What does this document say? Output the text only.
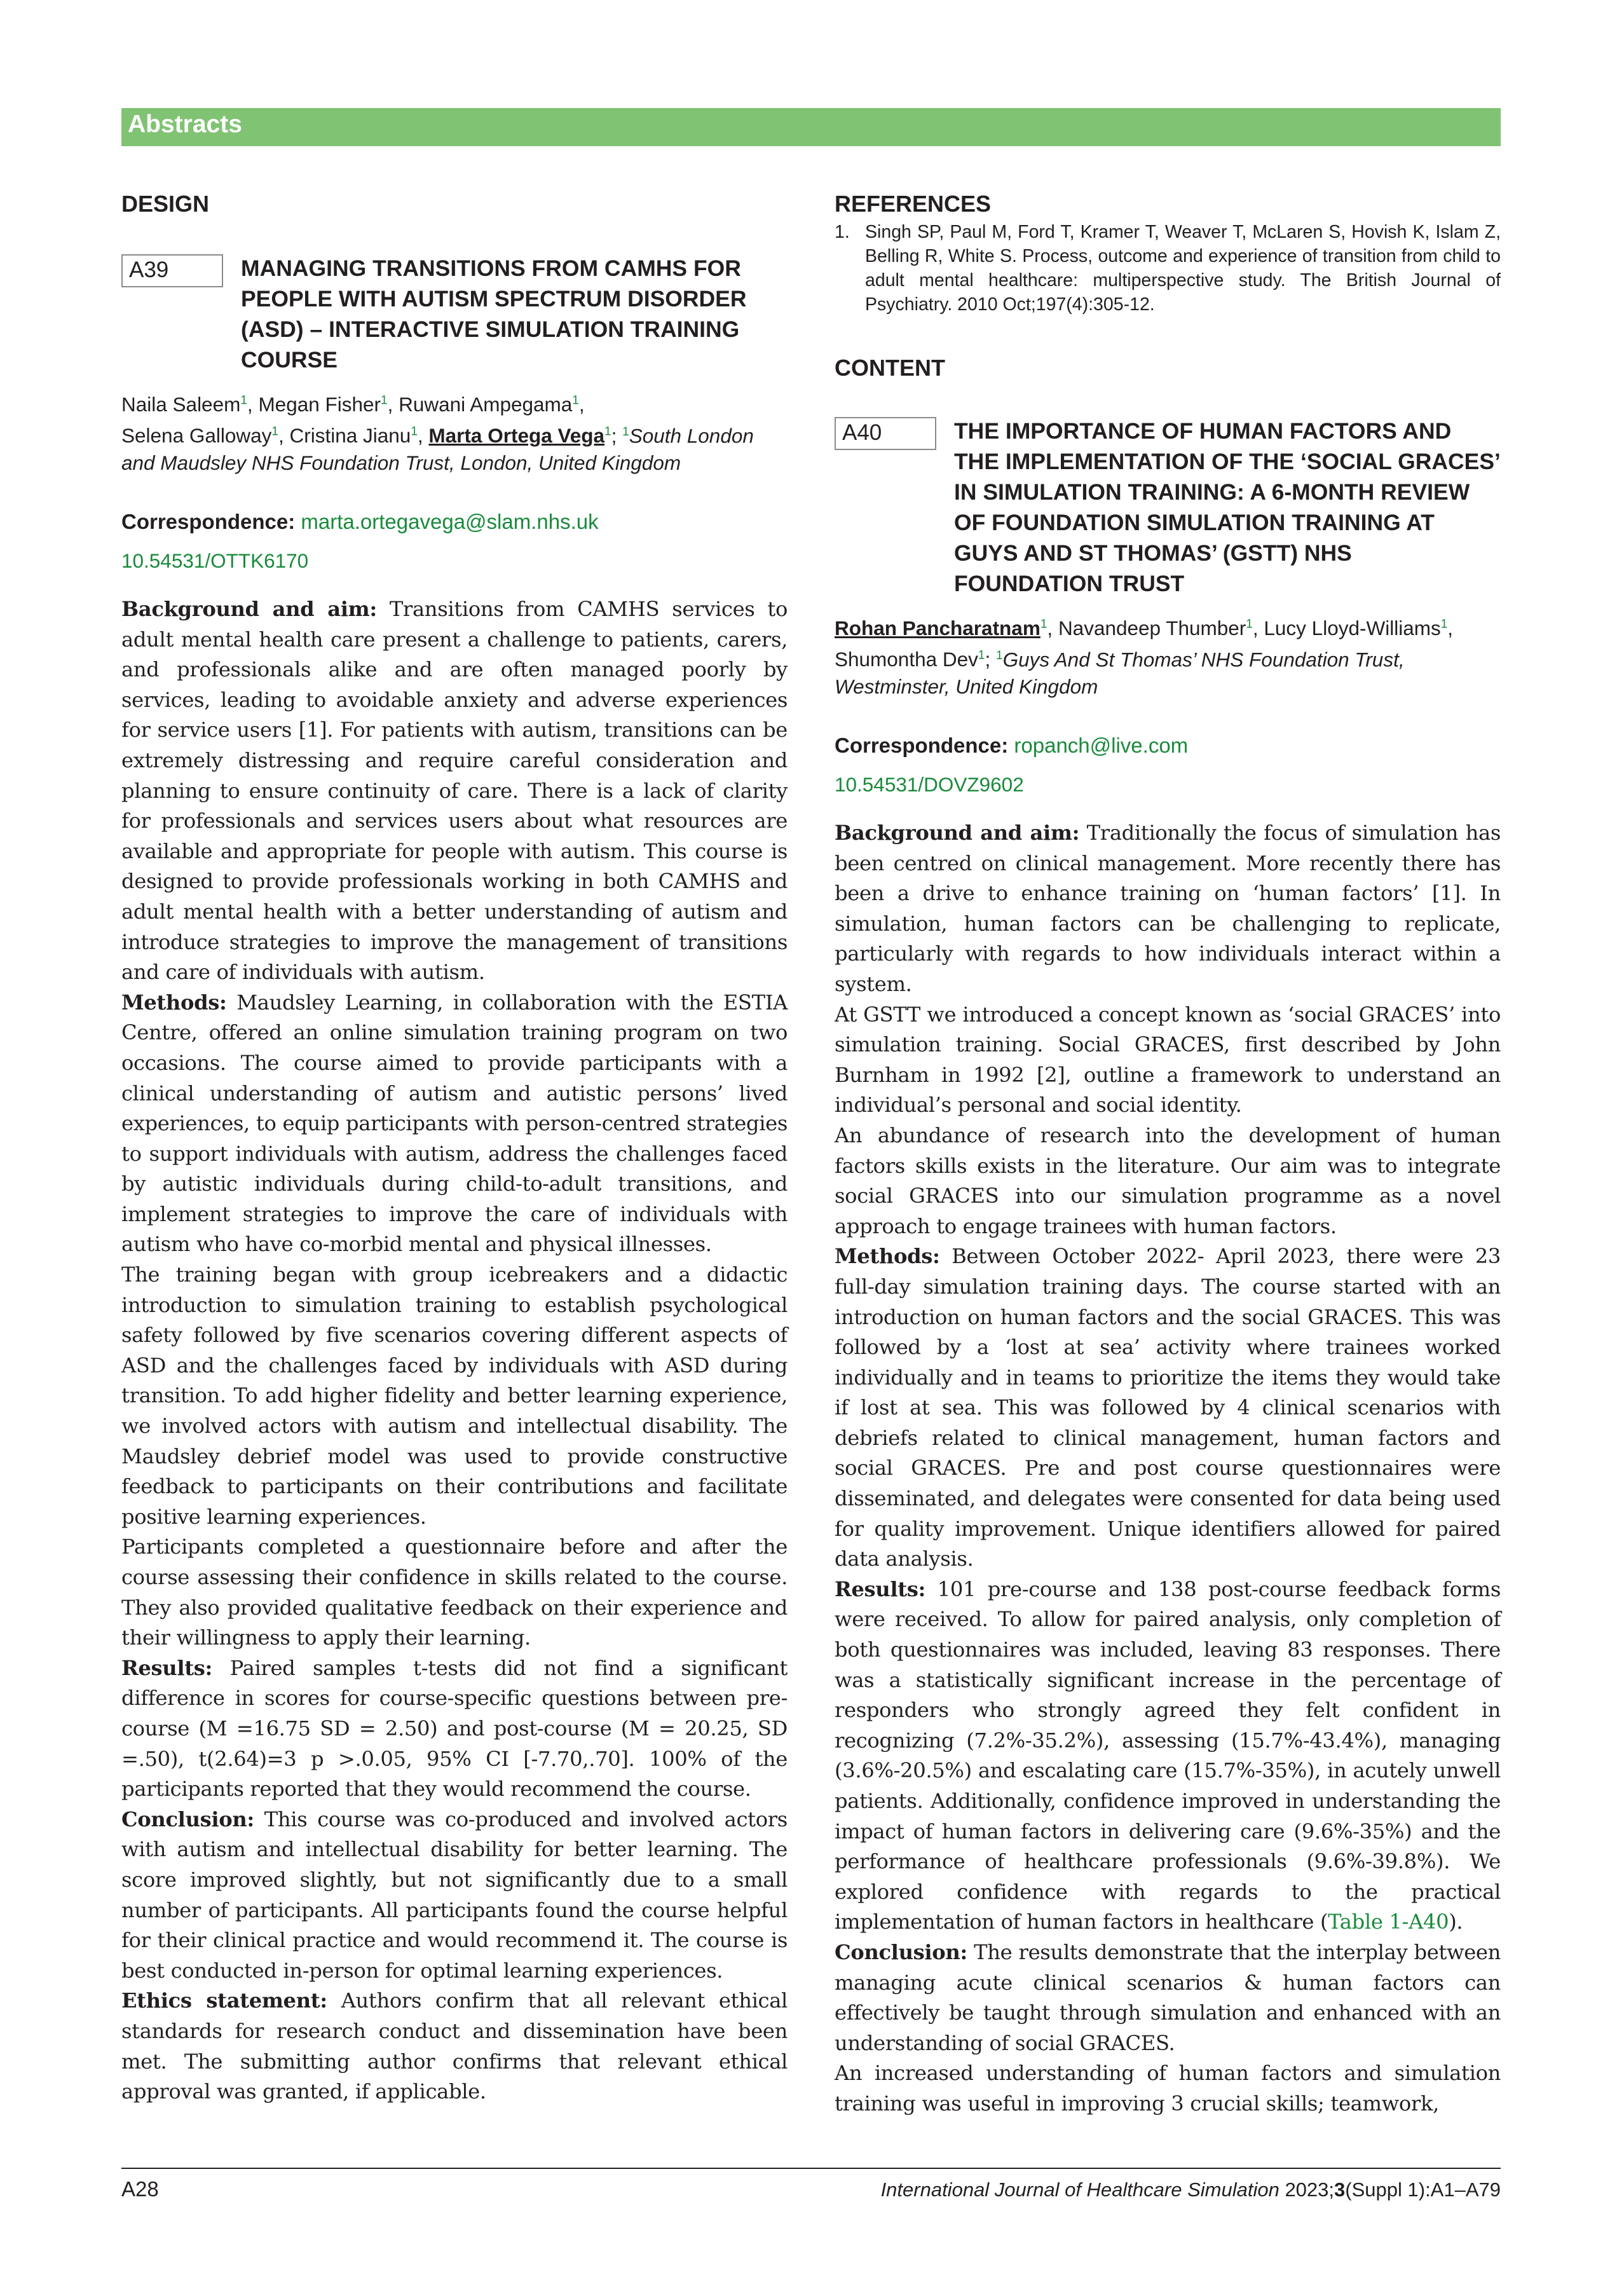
Abstracts
DESIGN
A39	MANAGING TRANSITIONS FROM CAMHS FOR PEOPLE WITH AUTISM SPECTRUM DISORDER (ASD) – INTERACTIVE SIMULATION TRAINING COURSE
Naila Saleem$^1$, Megan Fisher$^1$, Ruwani Ampegama$^1$,
Selena Galloway$^1$, Cristina Jianu$^1$, Marta Ortega Vega$^1$; $^1$South London and Maudsley NHS Foundation Trust, London, United Kingdom
Correspondence: marta.ortegavega@slam.nhs.uk
10.54531/OTTK6170

Background and aim: Transitions from CAMHS services to adult mental health care present a challenge to patients, carers, and professionals alike and are often managed poorly by services, leading to avoidable anxiety and adverse experiences for service users [1]. For patients with autism, transitions can be extremely distressing and require careful consideration and planning to ensure continuity of care. There is a lack of clarity for professionals and services users about what resources are available and appropriate for people with autism. This course is designed to provide professionals working in both CAMHS and adult mental health with a better understanding of autism and introduce strategies to improve the management of transitions and care of individuals with autism.

Methods: Maudsley Learning, in collaboration with the ESTIA Centre, offered an online simulation training program on two occasions. The course aimed to provide participants with a clinical understanding of autism and autistic persons’ lived experiences, to equip participants with person-centred strategies to support individuals with autism, address the challenges faced by autistic individuals during child-to-adult transitions, and implement strategies to improve the care of individuals with autism who have co-morbid mental and physical illnesses.

The training began with group icebreakers and a didactic introduction to simulation training to establish psychological safety followed by five scenarios covering different aspects of ASD and the challenges faced by individuals with ASD during transition. To add higher fidelity and better learning experience, we involved actors with autism and intellectual disability. The Maudsley debrief model was used to provide constructive feedback to participants on their contributions and facilitate positive learning experiences.

Participants completed a questionnaire before and after the course assessing their confidence in skills related to the course. They also provided qualitative feedback on their experience and their willingness to apply their learning.

Results: Paired samples t-tests did not find a significant difference in scores for course-specific questions between pre-course (M =16.75 SD = 2.50) and post-course (M = 20.25, SD =.50), t(2.64)=3 p >.0.05, 95% CI [-7.70,.70]. 100% of the participants reported that they would recommend the course.

Conclusion: This course was co-produced and involved actors with autism and intellectual disability for better learning. The score improved slightly, but not significantly due to a small number of participants. All participants found the course helpful for their clinical practice and would recommend it. The course is best conducted in-person for optimal learning experiences.

Ethics statement: Authors confirm that all relevant ethical standards for research conduct and dissemination have been met. The submitting author confirms that relevant ethical approval was granted, if applicable.

REFERENCES
1. Singh SP, Paul M, Ford T, Kramer T, Weaver T, McLaren S, Hovish K, Islam Z, Belling R, White S. Process, outcome and experience of transition from child to adult mental healthcare: multiperspective study. The British Journal of Psychiatry. 2010 Oct;197(4):305-12.
CONTENT
A40	THE IMPORTANCE OF HUMAN FACTORS AND THE IMPLEMENTATION OF THE ‘SOCIAL GRACES’ IN SIMULATION TRAINING: A 6-MONTH REVIEW OF FOUNDATION SIMULATION TRAINING AT GUYS AND ST THOMAS’ (GSTT) NHS FOUNDATION TRUST
Rohan Pancharatnam$^1$, Navandeep Thumber$^1$, Lucy Lloyd-Williams$^1$, Shumontha Dev$^1$; $^1$Guys And St Thomas’ NHS Foundation Trust, Westminster, United Kingdom
Correspondence: ropanch@live.com
10.54531/DOVZ9602

Background and aim: Traditionally the focus of simulation has been centred on clinical management. More recently there has been a drive to enhance training on ‘human factors’ [1]. In simulation, human factors can be challenging to replicate, particularly with regards to how individuals interact within a system.

At GSTT we introduced a concept known as ‘social GRACES’ into simulation training. Social GRACES, first described by John Burnham in 1992 [2], outline a framework to understand an individual’s personal and social identity.

An abundance of research into the development of human factors skills exists in the literature. Our aim was to integrate social GRACES into our simulation programme as a novel approach to engage trainees with human factors.

Methods: Between October 2022- April 2023, there were 23 full-day simulation training days. The course started with an introduction on human factors and the social GRACES. This was followed by a ‘lost at sea’ activity where trainees worked individually and in teams to prioritize the items they would take if lost at sea. This was followed by 4 clinical scenarios with debriefs related to clinical management, human factors and social GRACES. Pre and post course questionnaires were disseminated, and delegates were consented for data being used for quality improvement. Unique identifiers allowed for paired data analysis.

Results: 101 pre-course and 138 post-course feedback forms were received. To allow for paired analysis, only completion of both questionnaires was included, leaving 83 responses. There was a statistically significant increase in the percentage of responders who strongly agreed they felt confident in recognizing (7.2%-35.2%), assessing (15.7%-43.4%), managing (3.6%-20.5%) and escalating care (15.7%-35%), in acutely unwell patients. Additionally, confidence improved in understanding the impact of human factors in delivering care (9.6%-35%) and the performance of healthcare professionals (9.6%-39.8%). We explored confidence with regards to the practical implementation of human factors in healthcare (Table 1-A40).

Conclusion: The results demonstrate that the interplay between managing acute clinical scenarios & human factors can effectively be taught through simulation and enhanced with an understanding of social GRACES.

An increased understanding of human factors and simulation training was useful in improving 3 crucial skills; teamwork,

A28	International Journal of Healthcare Simulation 2023;3(Suppl 1):A1–A79
